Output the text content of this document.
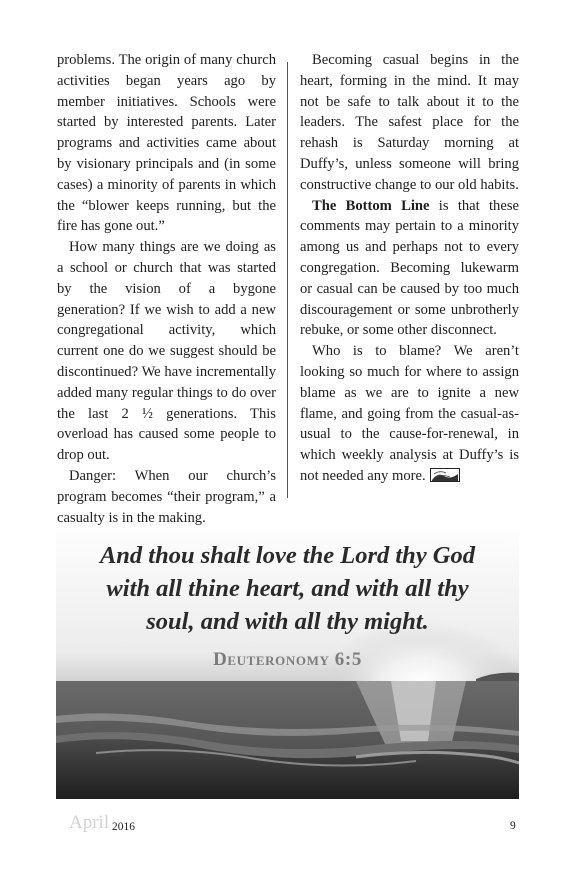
problems. The origin of many church activities began years ago by member initiatives. Schools were started by interested parents. Later programs and activities came about by visionary principals and (in some cases) a minority of parents in which the “blower keeps running, but the fire has gone out.”

How many things are we doing as a school or church that was started by the vision of a bygone generation? If we wish to add a new congregational activity, which current one do we suggest should be discontinued? We have incrementally added many regular things to do over the last 2 ½ generations. This overload has caused some people to drop out.

Danger: When our church’s program becomes “their program,” a casualty is in the making.

Becoming casual begins in the heart, forming in the mind. It may not be safe to talk about it to the leaders. The safest place for the rehash is Saturday morning at Duffy’s, unless someone will bring constructive change to our old habits.

The Bottom Line is that these comments may pertain to a minority among us and perhaps not to every congregation. Becoming lukewarm or casual can be caused by too much discouragement or some unbrotherly rebuke, or some other disconnect.

Who is to blame? We aren’t looking so much for where to assign blame as we are to ignite a new flame, and going from the casual-as-usual to the cause-for-renewal, in which weekly analysis at Duffy’s is not needed any more.

And thou shalt love the Lord thy God
with all thine heart, and with all thy
soul, and with all thy might.
Deuteronomy 6:5
April 2016	9
